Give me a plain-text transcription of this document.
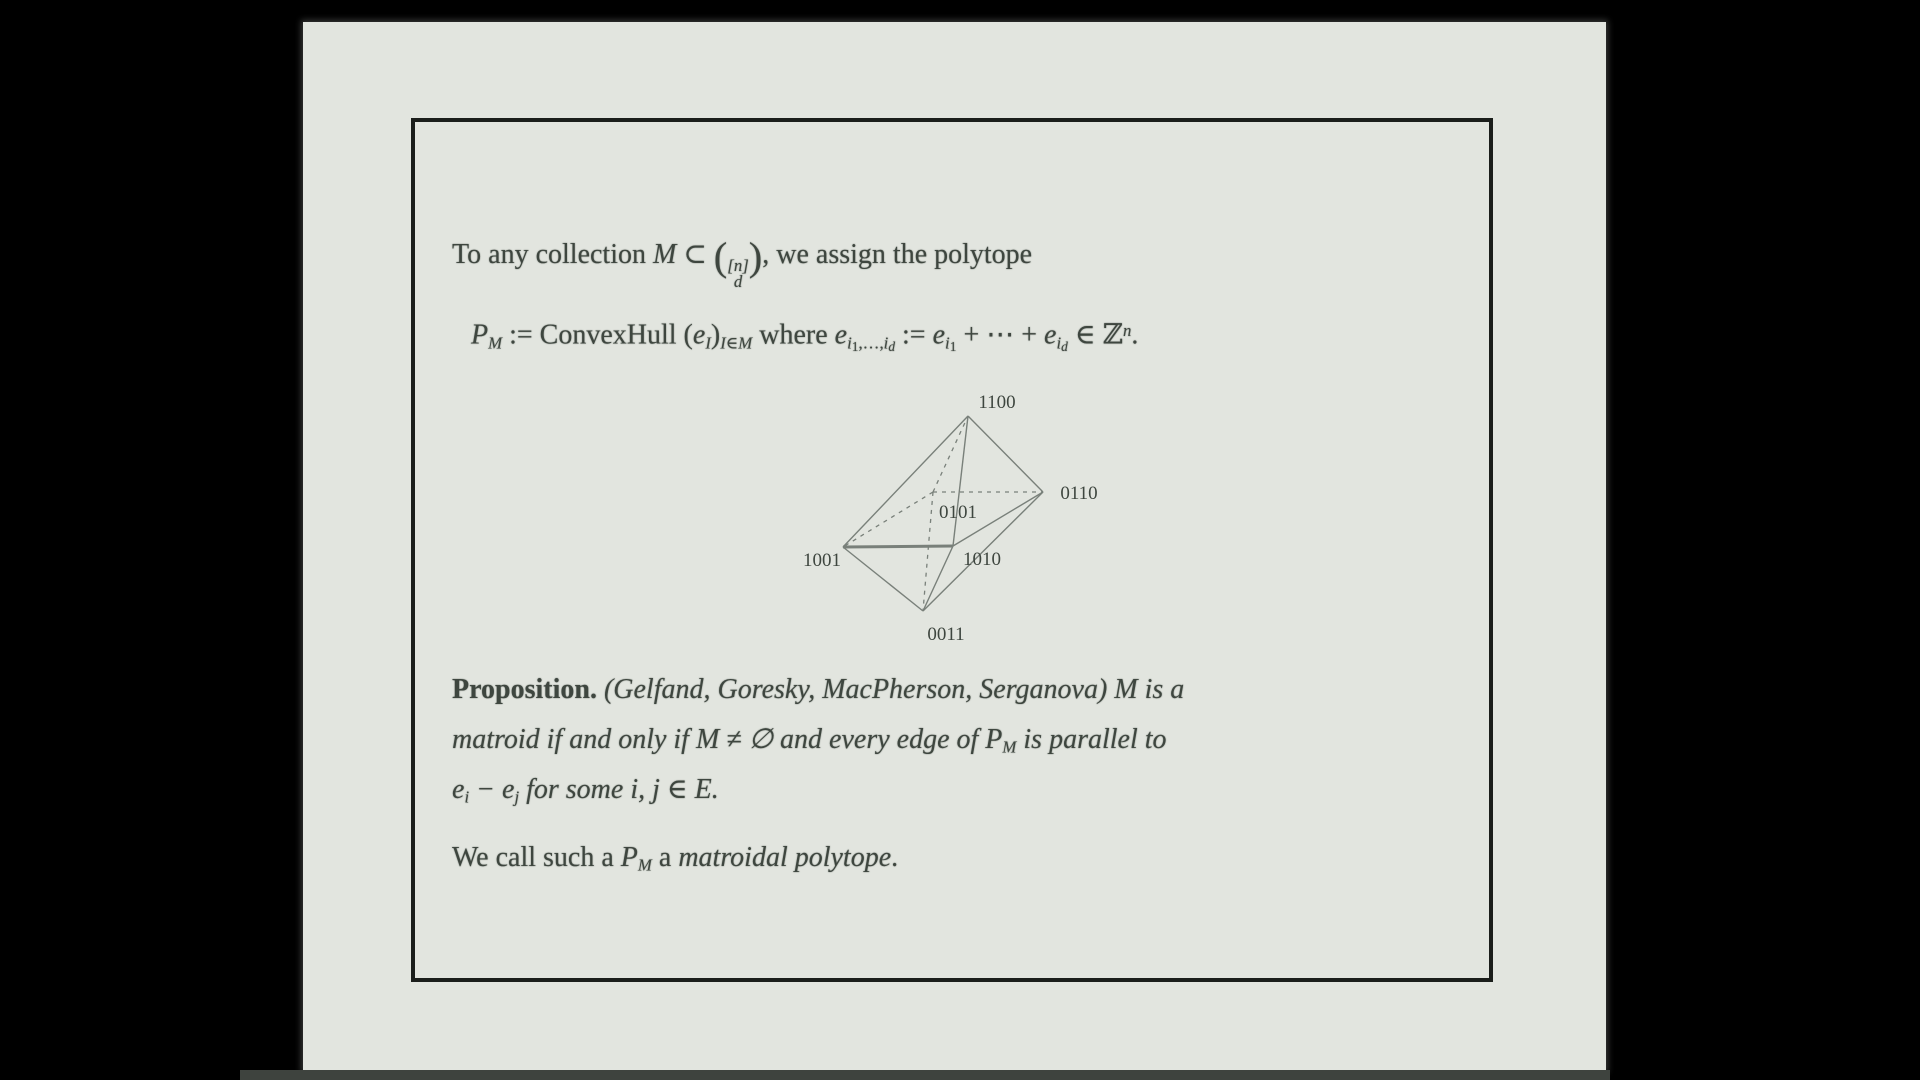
To any collection M ⊂ ( [n]
d
), we assign the polytope
$P_M$ := ConvexHull $(e_I)_{I\in M}$ where $e_{i1,\dots,id}$ := $e_{i1}$ + ⋯ + $e_{id}$ ∈ ℤ$^n$.
1100
0110
0101
1001	1010
0011
Proposition. (Gelfand, Goresky, MacPherson, Serganova) M is a
matroid if and only if M ≠ ∅ and every edge of $P_M$ is parallel to
$e_i - e_j$ for some i, j ∈ E.
We call such a $P_M$ a matroidal polytope.
